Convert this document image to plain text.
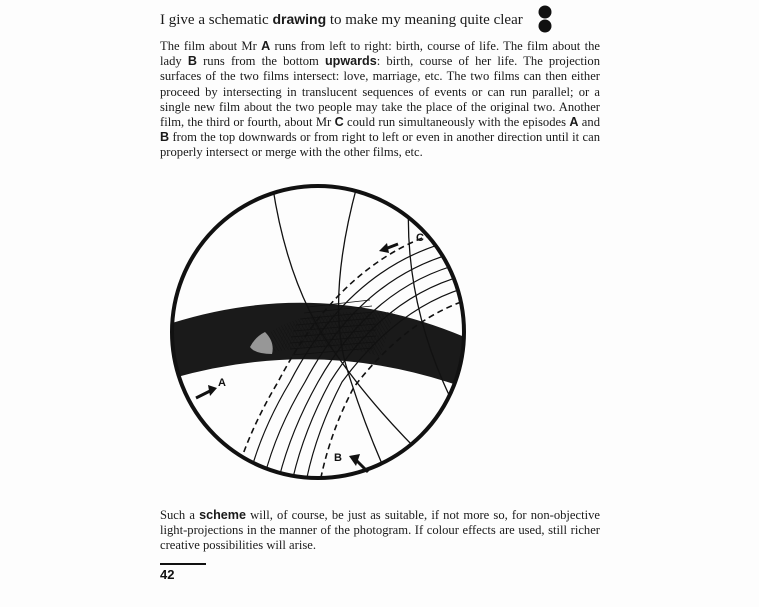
I give a schematic drawing to make my meaning quite clear

The film about Mr A runs from left to right: birth, course of life. The film about the lady B runs from the bottom upwards: birth, course of her life. The projection surfaces of the two films intersect: love, marriage, etc. The two films can then either proceed by intersecting in translucent sequences of events or can run parallel; or a single new film about the two people may take the place of the original two. Another film, the third or fourth, about Mr C could run simultaneously with the episodes A and B from the top downwards or from right to left or even in another direction until it can properly intersect or merge with the other films, etc.

A
B
C

Such a scheme will, of course, be just as suitable, if not more so, for non-objective light-projections in the manner of the photogram. If colour effects are used, still richer creative possibilities will arise.

42
